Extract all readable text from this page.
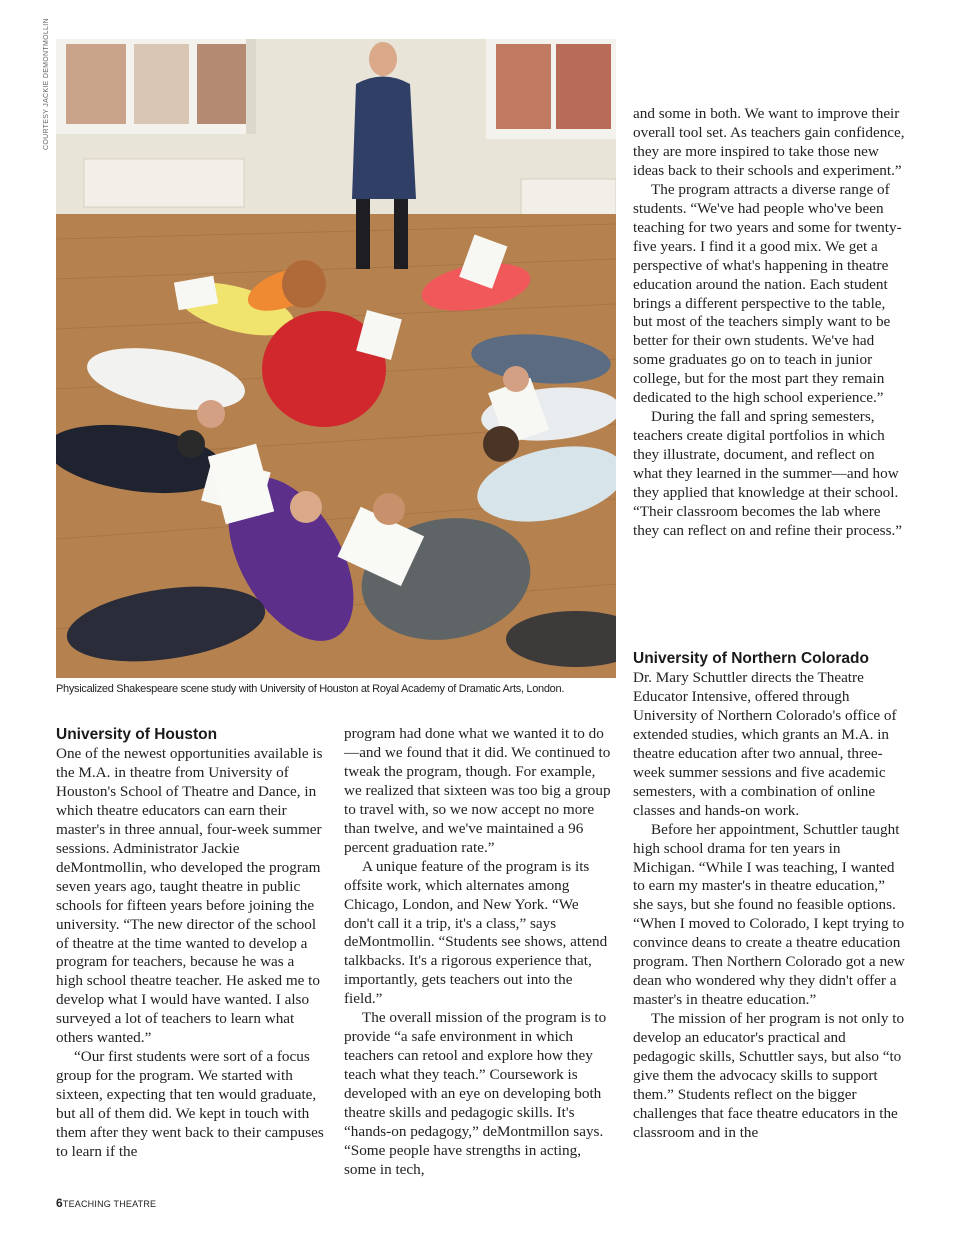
COURTESY JACKIE DEMONTMOLLIN
Physicalized Shakespeare scene study with University of Houston at Royal Academy of Dramatic Arts, London.
University of Houston

One of the newest opportunities available is the M.A. in theatre from University of Houston's School of Theatre and Dance, in which theatre educators can earn their master's in three annual, four-week summer sessions. Administrator Jackie deMontmollin, who developed the program seven years ago, taught theatre in public schools for fifteen years before joining the university. “The new director of the school of theatre at the time wanted to develop a program for teachers, because he was a high school theatre teacher. He asked me to develop what I would have wanted. I also surveyed a lot of teachers to learn what others wanted.”

“Our first students were sort of a focus group for the program. We started with sixteen, expecting that ten would graduate, but all of them did. We kept in touch with them after they went back to their campuses to learn if the

program had done what we wanted it to do—and we found that it did. We continued to tweak the program, though. For example, we realized that sixteen was too big a group to travel with, so we now accept no more than twelve, and we've maintained a 96 percent graduation rate.”

A unique feature of the program is its offsite work, which alternates among Chicago, London, and New York. “We don't call it a trip, it's a class,” says deMontmollin. “Students see shows, attend talkbacks. It's a rigorous experience that, importantly, gets teachers out into the field.”

The overall mission of the program is to provide “a safe environment in which teachers can retool and explore how they teach what they teach.” Coursework is developed with an eye on developing both theatre skills and pedagogic skills. It's “hands-on pedagogy,” deMontmillon says. “Some people have strengths in acting, some in tech,

and some in both. We want to improve their overall tool set. As teachers gain confidence, they are more inspired to take those new ideas back to their schools and experiment.”

The program attracts a diverse range of students. “We've had people who've been teaching for two years and some for twenty-five years. I find it a good mix. We get a perspective of what's happening in theatre education around the nation. Each student brings a different perspective to the table, but most of the teachers simply want to be better for their own students. We've had some graduates go on to teach in junior college, but for the most part they remain dedicated to the high school experience.”

During the fall and spring semesters, teachers create digital portfolios in which they illustrate, document, and reflect on what they learned in the summer—and how they applied that knowledge at their school. “Their classroom becomes the lab where they can reflect on and refine their process.”

University of Northern Colorado

Dr. Mary Schuttler directs the Theatre Educator Intensive, offered through University of Northern Colorado's office of extended studies, which grants an M.A. in theatre education after two annual, three-week summer sessions and five academic semesters, with a combination of online classes and hands-on work.

Before her appointment, Schuttler taught high school drama for ten years in Michigan. “While I was teaching, I wanted to earn my master's in theatre education,” she says, but she found no feasible options. “When I moved to Colorado, I kept trying to convince deans to create a theatre education program. Then Northern Colorado got a new dean who wondered why they didn't offer a master's in theatre education.”

The mission of her program is not only to develop an educator's practical and pedagogic skills, Schuttler says, but also “to give them the advocacy skills to support them.” Students reflect on the bigger challenges that face theatre educators in the classroom and in the

6TEACHING THEATRE
